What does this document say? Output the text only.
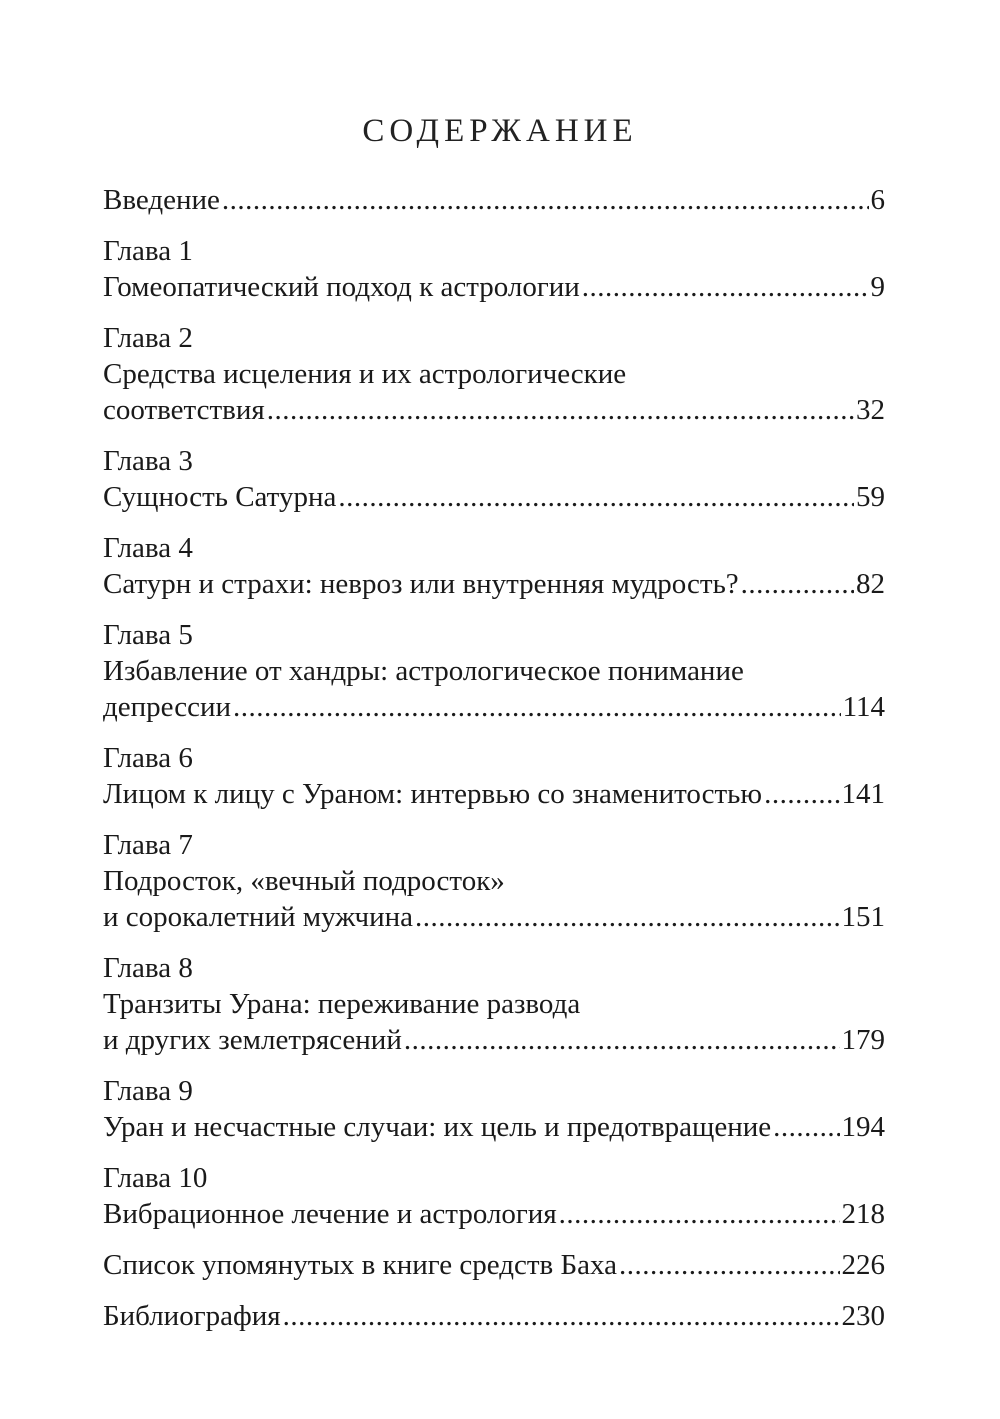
СОДЕРЖАНИЕ
Введение .....	6
Глава 1
Гомеопатический подход к астрологии .....	9
Глава 2
Средства исцеления и их астрологические
соответствия .....	32
Глава 3
Сущность Сатурна .....	59
Глава 4
Сатурн и страхи: невроз или внутренняя мудрость? .....	82
Глава 5
Избавление от хандры: астрологическое понимание
депрессии .....	114
Глава 6
Лицом к лицу с Ураном: интервью со знаменитостью .....	141
Глава 7
Подросток, «вечный подросток»
и сорокалетний мужчина .....	151
Глава 8
Транзиты Урана: переживание развода
и других землетрясений .....	179
Глава 9
Уран и несчастные случаи: их цель и предотвращение ..... 194
Глава 10
Вибрационное лечение и астрология .....	218
Список упомянутых в книге средств Баха .....	226
Библиография .....	230
